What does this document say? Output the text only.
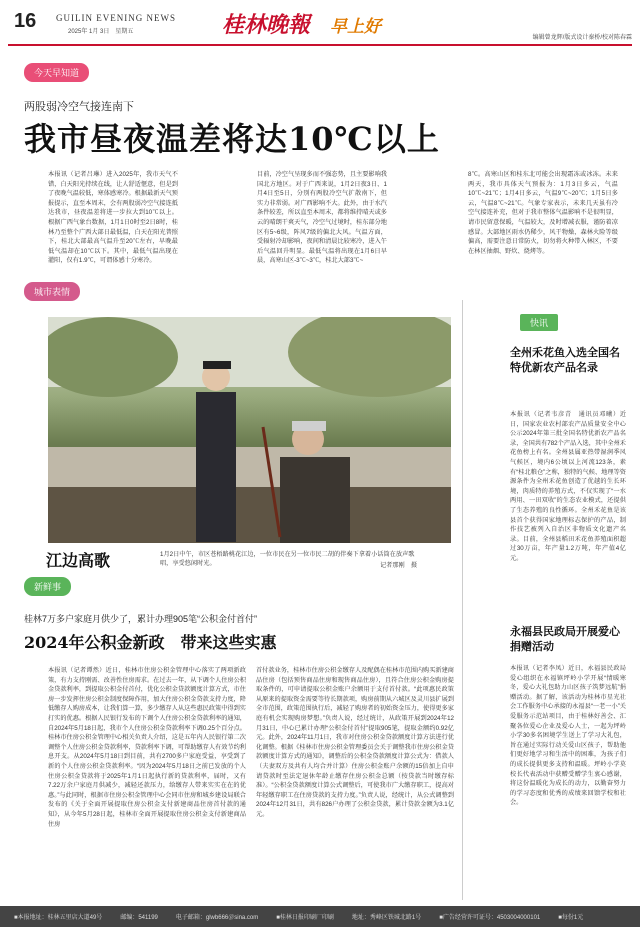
16 GUILIN EVENING NEWS
2025年 1月 3日　星期五	桂林晚報 早上好
编辑曾龙辉/版式设计秦桥/校对陈春霖
今天早知道
两股弱冷空气接连南下
我市昼夜温差将达10℃以上
本报讯（记者吕琳）进入2025年，我市天气不错，白天阳光持续在线，让人舒适惬意，但是到了夜晚气温较低，寒体感寒冷。根据最新天气预报提示，直至本周末，会有两股弱冷空气接连抵达我市，昼夜温差将进一步拉大到10℃以上。根据广西气象台数据，1月1日0时至2日8时，桂林乃至整个广西大部日最低温，白天在阳光普照下，桂北大部最高气温升至20℃左右，早晚最低气温却在10℃以下。其中，最低气温出现在灌阳，仅有1.9℃，可谓体感十分寒冷。
目前，冷空气呈现多而不强态势，且主要影响我国北方地区。对于广西来说，1月2日夜3日、1月4日至5日，分别有两股冷空气扩散南下，但实力非常弱。对广西影响不大。此外，由于水汽条件较差，所以直至本周末，都将维持晴天或多云的晴朗干爽天气，冷空气过境时，桂东部分地区有5~6级，阵风7级的偏北大风。气温方面，受辐射冷却影响，夜间和清晨比较寒冷，进入午后气温回升明显。最低气温将出现在1月6日早晨，高寒山区-3℃~3℃，桂北大部3℃~
8℃。高寒山区和桂东北可能会出现霜冻或冰冻。未来两天，我市具体天气预报为：1月3日多云，气温10℃~21℃；1月4日多云，气温9℃~20℃；1月5日多云，气温8℃~21℃。气象专家表示，未来几天虽有冷空气接连补充，但对于我市整体气温影响不是很明显，请市民留意保暖，气温较大，及时增减衣服，谨防着凉感冒。大部地区雨水仍稀少，风干物燥，森林火险等级偏高，需要注意日常防火，切勿将火种带入林区，不要在林区抽烟、野炊、烧烤等。
城市表情
江边高歌	1月2日中午，市区苍梧路桃花江边，一位市民在另一位市民二胡的伴奏下拿着小话筒在放声歌唱，享受悠闲时光。	记者那刚　摄
新鲜事
桂林7万多户家庭月供少了，累计办理905笔“公积金付首付”
2024年公积金新政　带来这些实惠
本报讯（记者谭然）近日，桂林市住房公积金管理中心落实了两项新政策，有力支持刚需、改善性住房需求。在过去一年，从下调个人住房公积金贷款利率，到提取公积金付首付，优化公积金贷款额度计算方式，市住房一步发挥住房公积金制度保障作用，加大住房公积金贷款支持力度，降低缴存人购房成本，让我们算一算，多少缴存人从这些惠民政策中得到实打实的优惠。根据人民银行发布的下调个人住房公积金贷款利率的通知，自2024年5月18日起，我市个人住房公积金贷款利率下调0.25个百分点。桂林市住房公积金管理中心相关负责人介绍，这是五年内人民银行第二次调整个人住房公积金贷款利率，贷款利率下调，可帮助缴存人有效节约利息开支。从2024年5月18日到目前，共有2700多户家庭受益，享受到了新的个人住房公积金贷款利率。“因为2024年5月18日之前已发放的个人住房公积金贷款将于2025年1月1日起执行新的贷款利率，届时，又有7.22万余户家庭月供减少，减轻还款压力，给缴存人带来实实在在的优惠。”与此同时，根据市住房公积金管理中心会同市住房和城乡建设局联合发布的《关于全面开展提取住房公积金支付新建商品住房首付款的通知》，从今年5月28日起，桂林市全面开展提取住房公积金支付新建商品住房
首付款业务，桂林市住房公积金缴存人及配偶在桂林市范围内购买新建商品住房（包括预售商品住房和现售商品住房），且符合住房公积金购房提取条件的，可申请提取公积金账户余额用于支付首付款。“此项惠民政策从原来的提取资金需要等待长期款项，购房前期从六城区及灵川县扩展到全市范围，政策范围执行后，减轻了购房者的初始资金压力，使得更多家庭有机会实现购房梦想。”负责人说，经过统计，从政策开展到2024年12月31日，中心已累计办理“公积金付首付”提取905笔，提取金额约0.92亿元。此外，2024年11月1日，我市对住房公积金贷款额度计算方法进行优化调整。根据《桂林市住房公积金管理委员会关于调整我市住房公积金贷款额度计算方式的通知》，调整后的公积金贷款额度计算公式为：借款人（夫妻双方及共有人均合并计算）住房公积金账户余额的15倍加上自申请贷款时至法定退休年龄止缴存住房公积金总额（按贷款当时缴存标准）。“公积金贷款额度计算公式调整后，可使我市广大缴存职工，提高对年轻缴存职工在住房贷款的支持力度。”负责人说，经统计，从公式调整到2024年12月31日，共有826户办理了公积金贷款，累计贷款金额为3.1亿元。
快讯
全州禾花鱼入选全国名特优新农产品名录
本报讯（记者韦彦青　通讯员邓曦）近日，国家农业农村部农产品质量安全中心公示2024年第三批全国名特优新农产品名录，全国共有782个产品入选，其中全州禾花鱼榜上有名。全州县属亚热带湿润季风气候区，境内6公顷以上河流123条，素有“桂北粮仓”之称，独特的气候、地理等资源条件为全州禾花鱼创造了优越的生长环境，肉质特的养殖方式，不仅实现了“一水两用、一田双收”的生态农业模式，还提供了生态养殖的良性循环。全州禾花鱼是该县首个获得国家地理标志保护的产品，制作技艺被列入自治区非物质文化遗产名录。目前，全州县稻田禾花鱼养殖面积超过30万亩，年产量1.2万吨，年产值4亿元。
永福县民政局开展爱心捐赠活动
本报讯（记者李凤）近日，永福县民政局爱心组织在永福镇坪岭小学开展“情暖寒冬，爱心大礼包助力山区孩子筑梦远航”捐赠活动。据了解，该活动为桂林市星光社会工作服务中心承接的永福县“一老一小”关爱服务示范站项目，由于桂林好善会、汇聚各位爱心企业及爱心人士，一起为坪岭小学30多名困境学生送上了学习大礼包，旨在通过实际行动关爱山区孩子，帮助他们更好地学习和生活中的困难，为孩子们的成长提供更多支持和温暖。坪岭小学莫校长代表活动中获赠受赠学生衷心感谢，将这份温暖化为成长的动力，以勤奋努力的学习态度和优秀的成绩来回馈学校和社会。
■本报地址：桂林五里店大道49号	邮编：541199	电子邮箱：glwb666＠sina.com	■桂林日报印刷厂印刷	地址：秀峰区铁城北路1号	■广告经营许可证号：4503004000101	■每份1元
